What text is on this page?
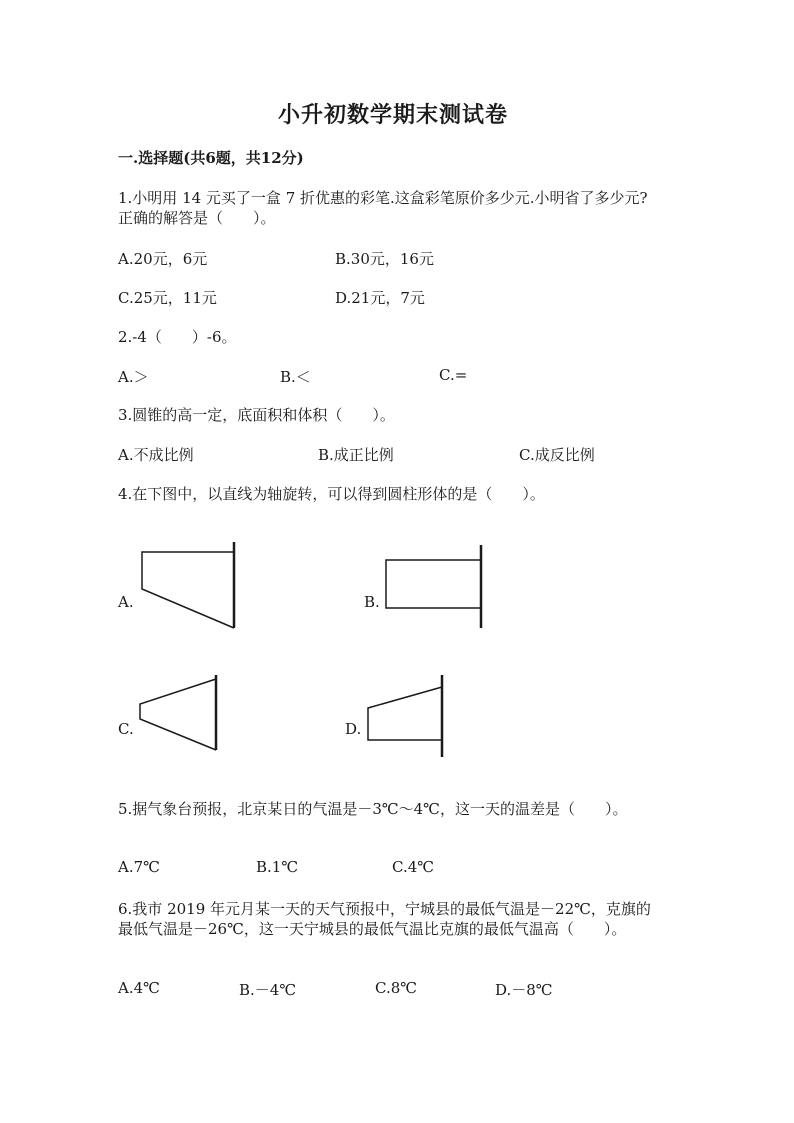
小升初数学期末测试卷
一.选择题(共6题，共12分)
1.小明用 14 元买了一盒 7 折优惠的彩笔.这盒彩笔原价多少元.小明省了多少元?
正确的解答是（　　）。
A.20元，6元	B.30元，16元
C.25元，11元	D.21元，7元
2.-4（　　）-6。
A.＞	B.＜	C.=
3.圆锥的高一定，底面积和体积（　　）。
A.不成比例	B.成正比例	C.成反比例
4.在下图中，以直线为轴旋转，可以得到圆柱形体的是（　　）。
A.	B.
C.	D.
5.据气象台预报，北京某日的气温是－3℃～4℃，这一天的温差是（　　）。
A.7℃	B.1℃	C.4℃
6.我市 2019 年元月某一天的天气预报中，宁城县的最低气温是－22℃，克旗的
最低气温是－26℃，这一天宁城县的最低气温比克旗的最低气温高（　　）。
A.4℃	B.－4℃	C.8℃	D.－8℃
